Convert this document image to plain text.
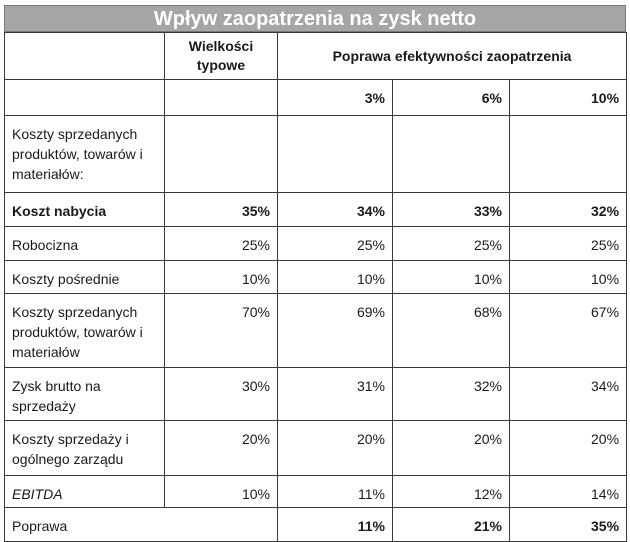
Wpływ zaopatrzenia na zysk netto
	Wielkości typowe	Poprawa efektywności zaopatrzenia		
		3%	6%	10%
Koszty sprzedanych produktów, towarów i materiałów:				
Koszt nabycia	35%	34%	33%	32%
Robocizna	25%	25%	25%	25%
Koszty pośrednie	10%	10%	10%	10%
Koszty sprzedanych produktów, towarów i materiałów	70%	69%	68%	67%
Zysk brutto na sprzedaży	30%	31%	32%	34%
Koszty sprzedaży i ogólnego zarządu	20%	20%	20%	20%
EBITDA	10%	11%	12%	14%
Poprawa		11%	21%	35%
